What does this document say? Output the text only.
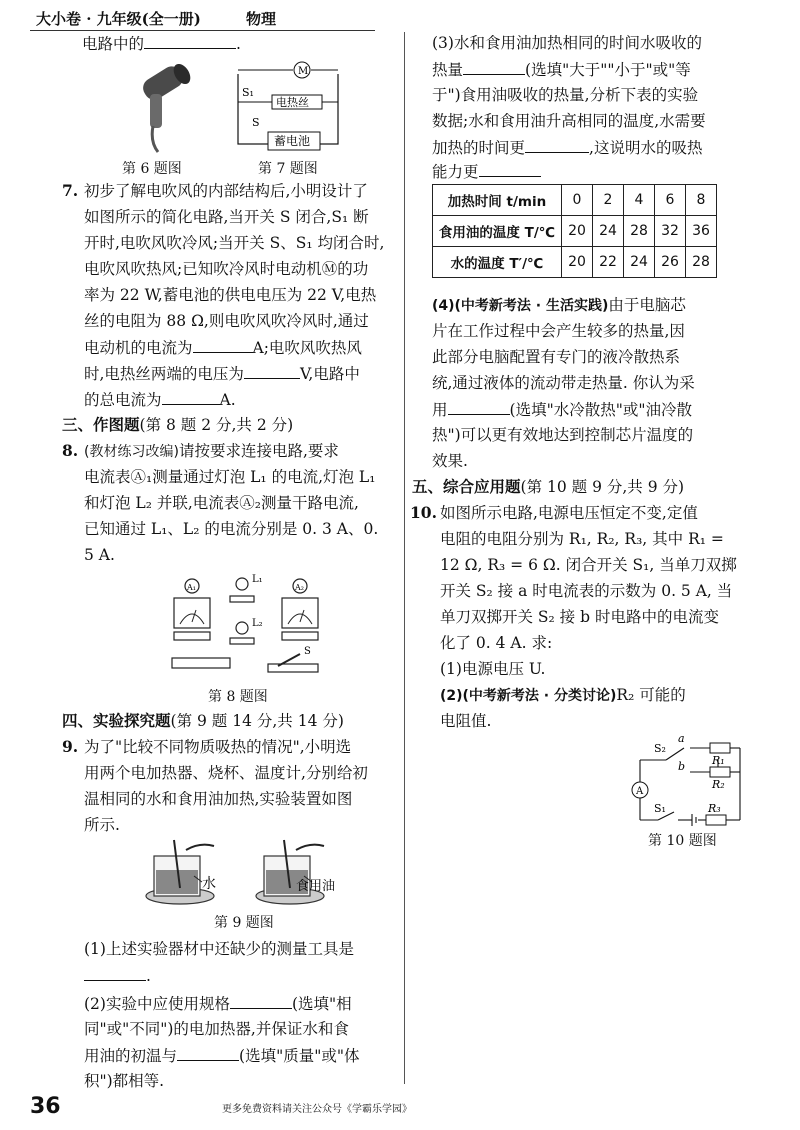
大小卷 · 九年级(全一册)	物理
电路中的	.
M
电热丝
S₁
S
蓄电池
第 6 题图	第 7 题图
7. 初步了解电吹风的内部结构后,小明设计了
如图所示的简化电路,当开关 S 闭合,S₁ 断
开时,电吹风吹冷风;当开关 S、S₁ 均闭合时,
电吹风吹热风;已知吹冷风时电动机Ⓜ的功
率为 22 W,蓄电池的供电电压为 22 V,电热
丝的电阻为 88 Ω,则电吹风吹冷风时,通过
电动机的电流为	A;电吹风吹热风
时,电热丝两端的电压为	V,电路中
的总电流为	A.
三、作图题(第 8 题 2 分,共 2 分)
8. (教材练习改编)请按要求连接电路,要求
电流表Ⓐ₁测量通过灯泡 L₁ 的电流,灯泡 L₁
和灯泡 L₂ 并联,电流表Ⓐ₂测量干路电流,
已知通过 L₁、L₂ 的电流分别是 0. 3 A、0.
5 A.
A₁	A₂
L₁
L₂
S
第 8 题图
四、实验探究题(第 9 题 14 分,共 14 分)
9. 为了"比较不同物质吸热的情况",小明选
用两个电加热器、烧杯、温度计,分别给初
温相同的水和食用油加热,实验装置如图
所示.
水	食用油
第 9 题图
(1)上述实验器材中还缺少的测量工具是
.
(2)实验中应使用规格	(选填"相
同"或"不同")的电加热器,并保证水和食
用油的初温与	(选填"质量"或"体
积")都相等.
(3)水和食用油加热相同的时间水吸收的
热量	(选填"大于""小于"或"等
于")食用油吸收的热量,分析下表的实验
数据;水和食用油升高相同的温度,水需要
加热的时间更	,这说明水的吸热
能力更
加热时间 t/min	0	2	4	6	8
食用油的温度 T/℃	20	24	28	32	36
水的温度 T′/℃	20	22	24	26	28
(4)(中考新考法 · 生活实践)由于电脑芯
片在工作过程中会产生较多的热量,因
此部分电脑配置有专门的液冷散热系
统,通过液体的流动带走热量. 你认为采
用	(选填"水冷散热"或"油冷散
热")可以更有效地达到控制芯片温度的
效果.
五、综合应用题(第 10 题 9 分,共 9 分)
10. 如图所示电路,电源电压恒定不变,定值
电阻的电阻分别为 R₁, R₂, R₃, 其中 R₁ =
12 Ω, R₃ = 6 Ω. 闭合开关 S₁, 当单刀双掷
开关 S₂ 接 a 时电流表的示数为 0. 5 A, 当
单刀双掷开关 S₂ 接 b 时电路中的电流变
化了 0. 4 A. 求:
(1)电源电压 U.
(2)(中考新考法 · 分类讨论)R₂ 可能的
电阻值.
A
S₂
a
b R₁
R₂
R₃
S₁
第 10 题图
36	更多免费资料请关注公众号《学霸乐学园》
